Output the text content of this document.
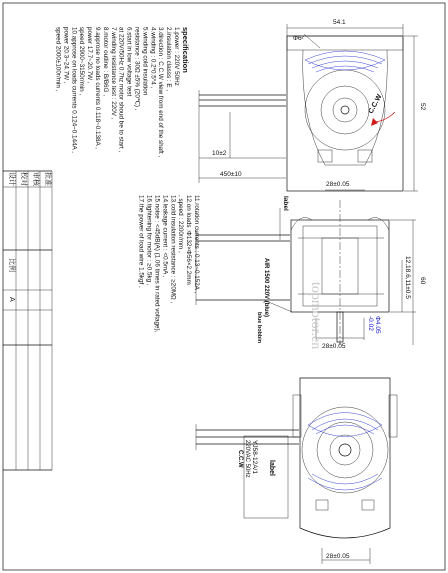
设计 校对 审核 批准
比例
A
specification
1.power : 220V 50Hz
2.insulation classs : E ,
3.direction : C.C.W view from end of the shaft ,
4.winding : 0.2*0.5*4 ,
5.winding cold insulation
resistance : 30Ω ±5% (20℃) ,
6.start in low voltage test
at 220V/50Hz 0.7hz motor shoud be to start ,
7.winding resistance test : 220V ,
8.motor outline : B/B6G ,
9.approse no loads currents 0.118~0.138A ,
power 17.7~20.7W ,
speed 2900~3150r/min ,
10.approse on loads currents 0.124~0.144A ,
power 20.3~24.7W ,
speed 2000±100r/min ,
11.rotation currents : 0.13~0.152A ,
12.on loads :Ф132×Ф56×2.2mm
, speed : 2200r/mm ,
13.cold insulation resistance : ≥20MΩ ,
14.leakage current : <0.5mA ,
15.noise : <45dB(A) (1.06 times in rated voltage),
16.tightening for motor : ≥0.5kg ,
17.the power of load wire 1.5kgf ,
54.1
Ф6²
52
10±2
450±10
28±0.05
C.C.W
label
AIR 1500 220V (blue)
blue bobbin
60
12,18.6,11±0.5
Ф4.05
-0.02
28±0.05
topmotor.en
28±0.05
label
YJ58-12A/1
220VAC 50Hz
C.C.W
